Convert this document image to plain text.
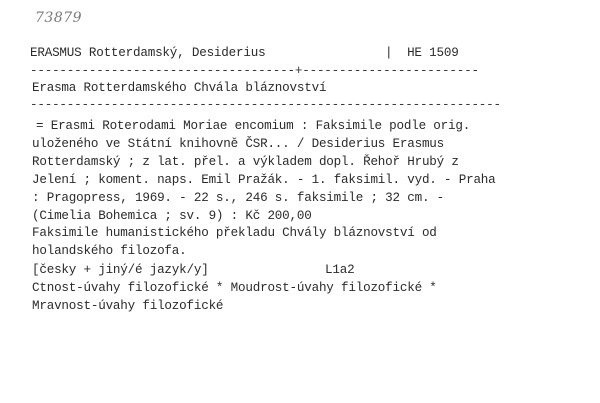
73879
ERASMUS Rotterdamský, Desiderius	|  HE 1509
------------------------------------+------------------------
Erasma Rotterdamského Chvála bláznovství
----------------------------------------------------------------
= Erasmi Roterodami Moriae encomium : Faksimile podle orig.
uloženého ve Státní knihovně ČSR... / Desiderius Erasmus
Rotterdamský ; z lat. přel. a výkladem dopl. Řehoř Hrubý z
Jelení ; koment. naps. Emil Pražák. - 1. faksimil. vyd. - Praha
: Pragopress, 1969. - 22 s., 246 s. faksimile ; 32 cm. -
(Cimelia Bohemica ; sv. 9) : Kč 200,00
Faksimile humanistického překladu Chvály bláznovství od
holandského filozofa.
[česky + jiný/é jazyk/y]	L1a2
Ctnost-úvahy filozofické * Moudrost-úvahy filozofické *
Mravnost-úvahy filozofické
